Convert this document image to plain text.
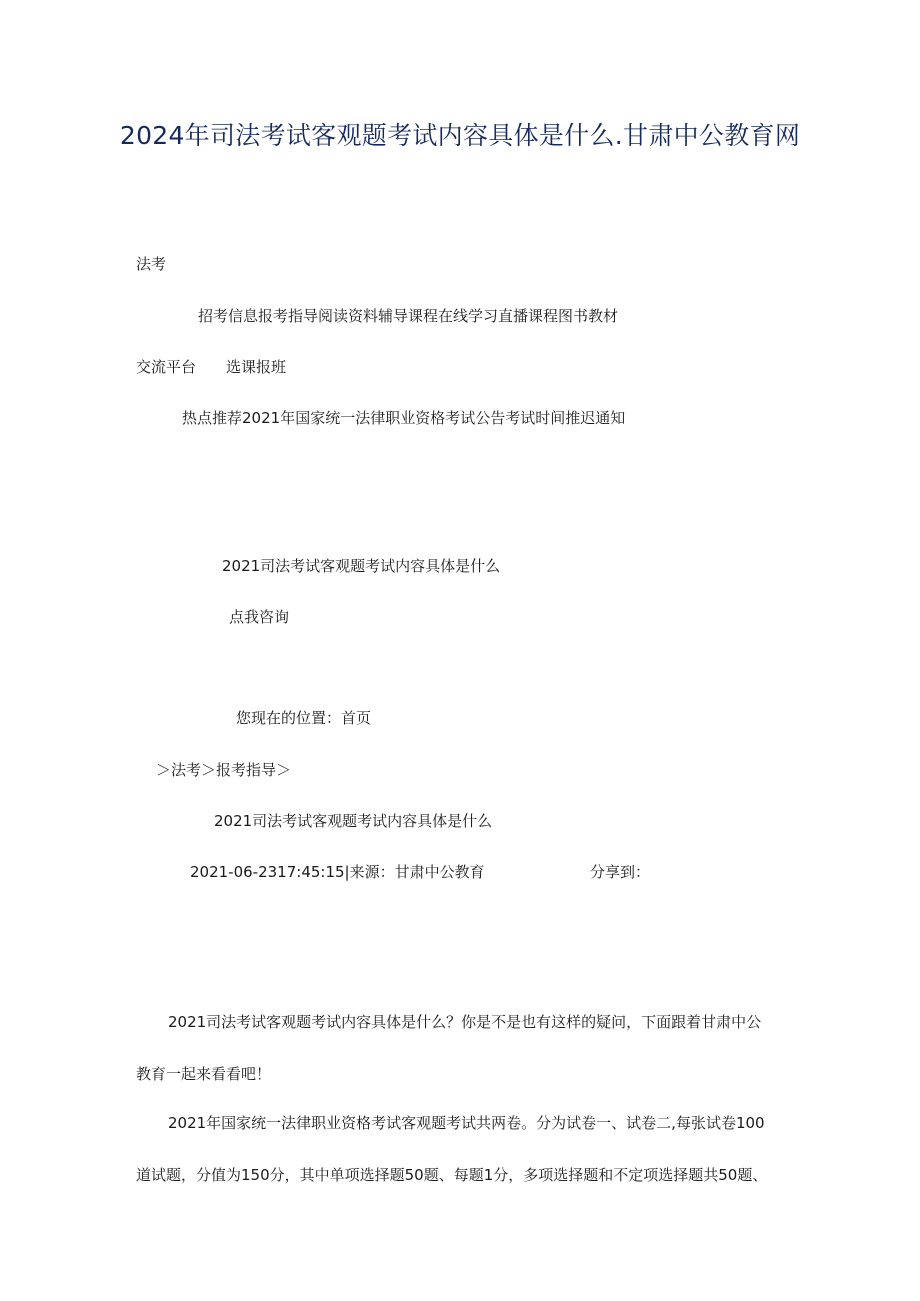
2024年司法考试客观题考试内容具体是什么.甘肃中公教育网
法考
招考信息报考指导阅读资料辅导课程在线学习直播课程图书教材
交流平台 选课报班
热点推荐2021年国家统一法律职业资格考试公告考试时间推迟通知
2021司法考试客观题考试内容具体是什么
点我咨询
您现在的位置：首页
＞法考＞报考指导＞
2021司法考试客观题考试内容具体是什么
2021-06-2317:45:15|来源：甘肃中公教育	分享到：
2021司法考试客观题考试内容具体是什么？你是不是也有这样的疑问，下面跟着甘肃中公
教育一起来看看吧！
2021年国家统一法律职业资格考试客观题考试共两卷。分为试卷一、试卷二,每张试卷100
道试题，分值为150分，其中单项选择题50题、每题1分，多项选择题和不定项选择题共50题、
